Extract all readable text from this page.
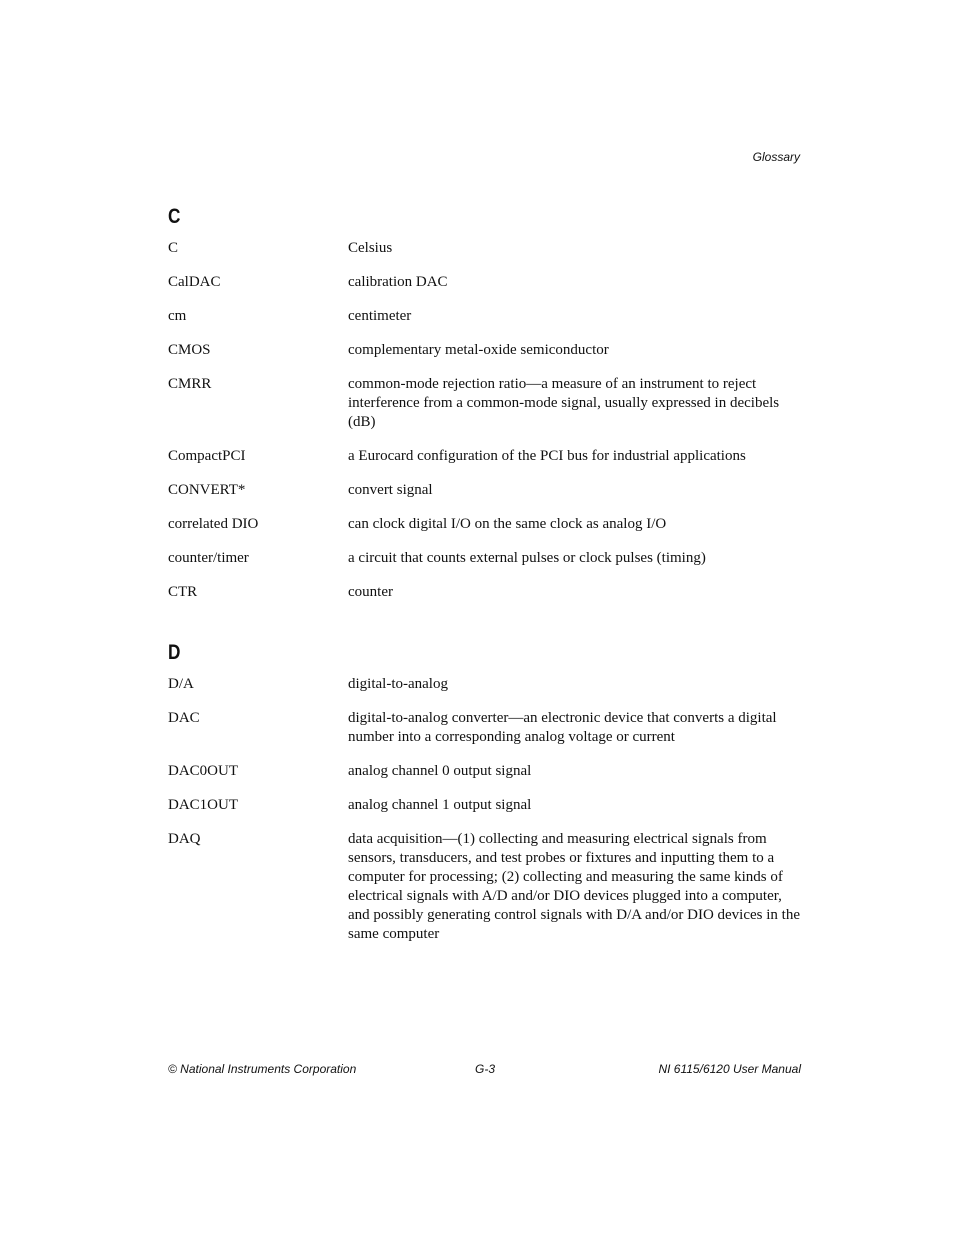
Glossary
C
C	Celsius
CalDAC	calibration DAC
cm	centimeter
CMOS	complementary metal-oxide semiconductor
CMRR	common-mode rejection ratio—a measure of an instrument to reject interference from a common-mode signal, usually expressed in decibels (dB)
CompactPCI	a Eurocard configuration of the PCI bus for industrial applications
CONVERT*	convert signal
correlated DIO	can clock digital I/O on the same clock as analog I/O
counter/timer	a circuit that counts external pulses or clock pulses (timing)
CTR	counter
D
D/A	digital-to-analog
DAC	digital-to-analog converter—an electronic device that converts a digital number into a corresponding analog voltage or current
DAC0OUT	analog channel 0 output signal
DAC1OUT	analog channel 1 output signal
DAQ	data acquisition—(1) collecting and measuring electrical signals from sensors, transducers, and test probes or fixtures and inputting them to a computer for processing; (2) collecting and measuring the same kinds of electrical signals with A/D and/or DIO devices plugged into a computer, and possibly generating control signals with D/A and/or DIO devices in the same computer
© National Instruments Corporation	G-3	NI 6115/6120 User Manual
